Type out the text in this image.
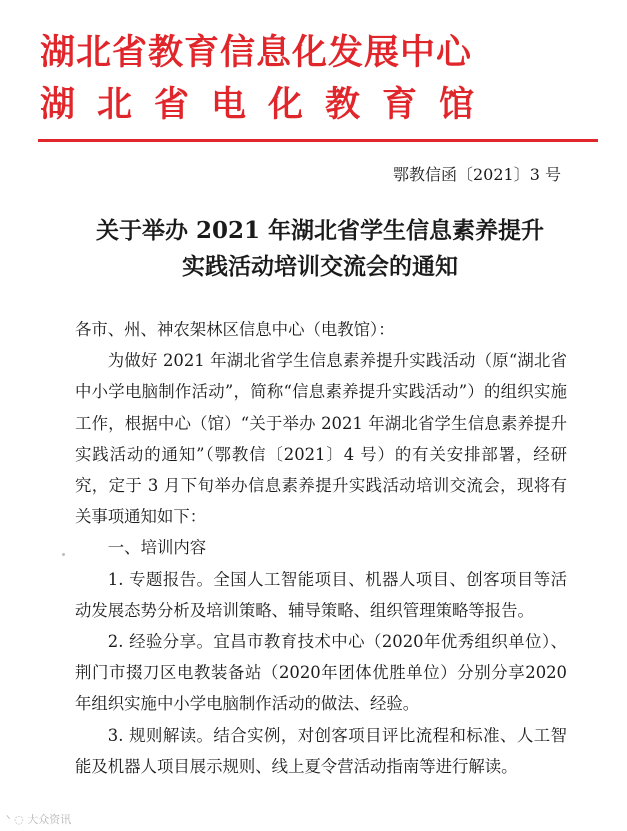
湖北省教育信息化发展中心
湖北省电化教育馆
鄂教信函〔2021〕3 号
关于举办 2021 年湖北省学生信息素养提升
实践活动培训交流会的通知

各市、州、神农架林区信息中心（电教馆）：

为做好 2021 年湖北省学生信息素养提升实践活动（原“湖北省中小学电脑制作活动”，简称“信息素养提升实践活动”）的组织实施工作，根据中心（馆）“关于举办 2021 年湖北省学生信息素养提升实践活动的通知”（鄂教信〔2021〕4 号）的有关安排部署，经研究，定于 3 月下旬举办信息素养提升实践活动培训交流会，现将有关事项通知如下：

一、培训内容

1. 专题报告。全国人工智能项目、机器人项目、创客项目等活动发展态势分析及培训策略、辅导策略、组织管理策略等报告。

2. 经验分享。宜昌市教育技术中心（2020年优秀组织单位）、荆门市掇刀区电教装备站（2020年团体优胜单位）分别分享2020年组织实施中小学电脑制作活动的做法、经验。

3. 规则解读。结合实例，对创客项目评比流程和标准、人工智能及机器人项目展示规则、线上夏令营活动指南等进行解读。

ᐠ ◌ 大众资讯
